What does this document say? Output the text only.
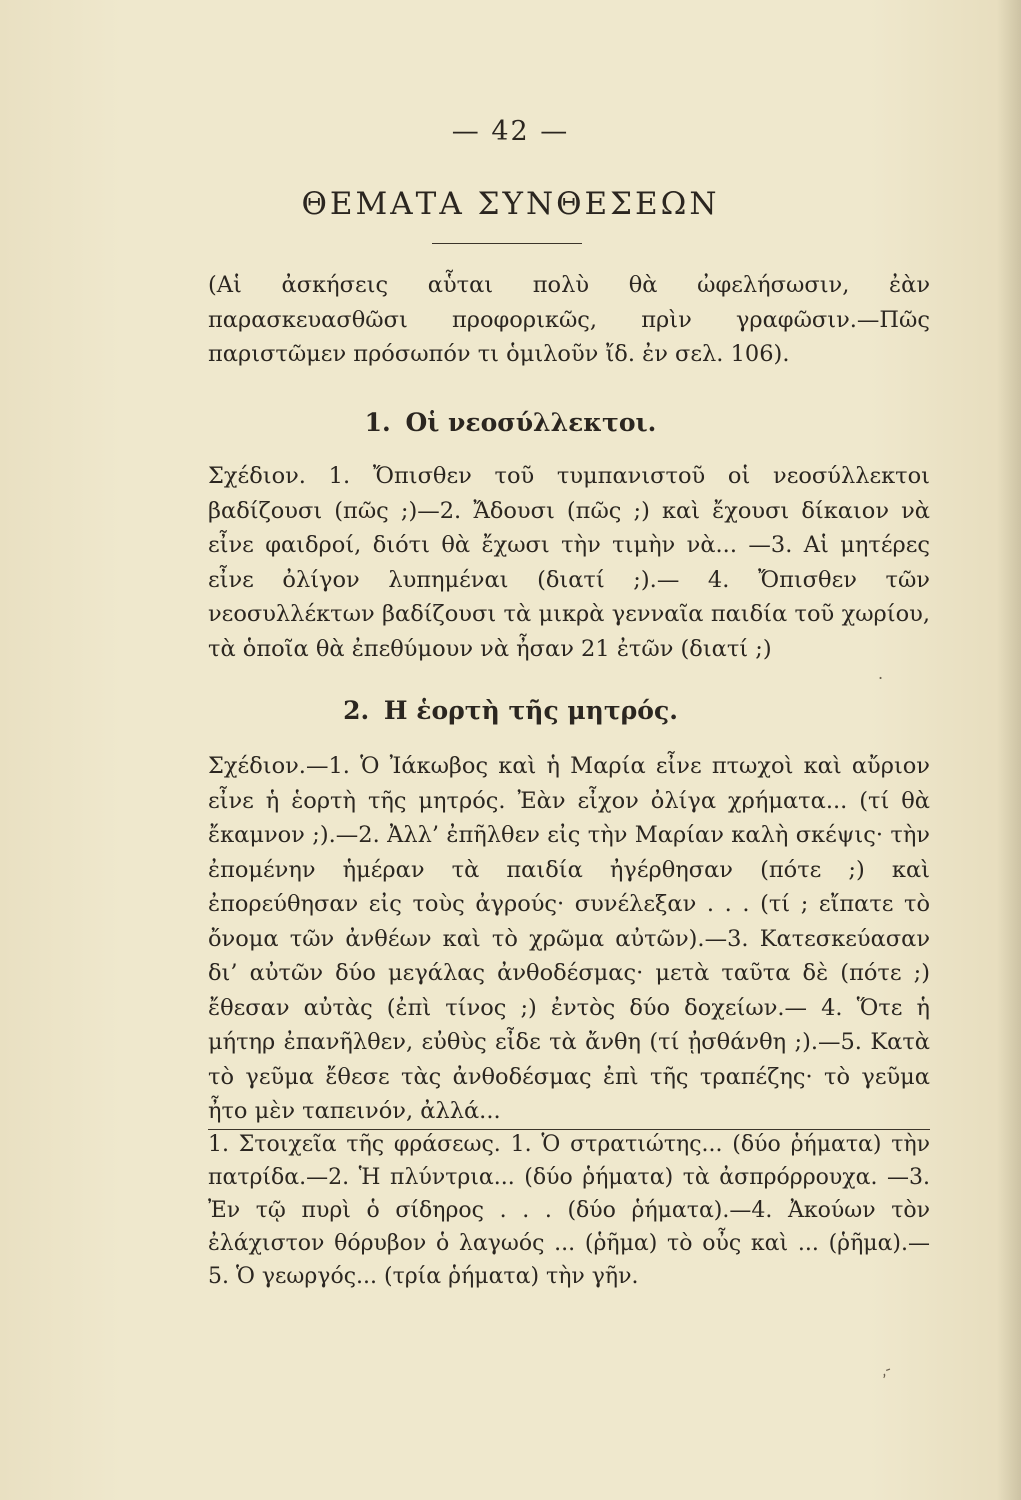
— 42 —
ΘΕΜΑΤΑ ΣΥΝΘΕΣΕΩΝ
(Αἱ ἀσκήσεις αὗται πολὺ θὰ ὠφελήσωσιν, ἐὰν παρασκευασθῶσι προφορικῶς, πρὶν γραφῶσιν.—Πῶς παριστῶμεν πρόσωπόν τι ὁμιλοῦν ἴδ. ἐν σελ. 106).
1. Οἱ νεοσύλλεκτοι.
Σχέδιον. 1. Ὄπισθεν τοῦ τυμπανιστοῦ οἱ νεοσύλλεκτοι βαδίζουσι (πῶς ;)—2. Ἄδουσι (πῶς ;) καὶ ἔχουσι δίκαιον νὰ εἶνε φαιδροί, διότι θὰ ἔχωσι τὴν τιμὴν νὰ... —3. Αἱ μητέρες εἶνε ὀλίγον λυπημέναι (διατί ;).— 4. Ὄπισθεν τῶν νεοσυλλέκτων βαδίζουσι τὰ μικρὰ γενναῖα παιδία τοῦ χωρίου, τὰ ὁποῖα θὰ ἐπεθύμουν νὰ ἦσαν 21 ἐτῶν (διατί ;)
2. Η ἑορτὴ τῆς μητρός.
Σχέδιον.—1. Ὁ Ἰάκωβος καὶ ἡ Μαρία εἶνε πτωχοὶ καὶ αὔριον εἶνε ἡ ἑορτὴ τῆς μητρός. Ἐὰν εἶχον ὀλίγα χρήματα... (τί θὰ ἔκαμνον ;).—2. Ἀλλ’ ἐπῆλθεν εἰς τὴν Μαρίαν καλὴ σκέψις· τὴν ἐπομένην ἡμέραν τὰ παιδία ἠγέρθησαν (πότε ;) καὶ ἐπορεύθησαν εἰς τοὺς ἀγρούς· συνέλεξαν . . . (τί ; εἴπατε τὸ ὄνομα τῶν ἀνθέων καὶ τὸ χρῶμα αὐτῶν).—3. Κατεσκεύασαν δι’ αὐτῶν δύο μεγάλας ἀνθοδέσμας· μετὰ ταῦτα δὲ (πότε ;) ἔθεσαν αὐτὰς (ἐπὶ τίνος ;) ἐντὸς δύο δοχείων.— 4. Ὅτε ἡ μήτηρ ἐπανῆλθεν, εὐθὺς εἶδε τὰ ἄνθη (τί ᾐσθάνθη ;).—5. Κατὰ τὸ γεῦμα ἔθεσε τὰς ἀνθοδέσμας ἐπὶ τῆς τραπέζης· τὸ γεῦμα ἦτο μὲν ταπεινόν, ἀλλά...
1. Στοιχεῖα τῆς φράσεως. 1. Ὁ στρατιώτης... (δύο ῥήματα) τὴν πατρίδα.—2. Ἡ πλύντρια... (δύο ῥήματα) τὰ ἀσπρόρρουχα. —3. Ἐν τῷ πυρὶ ὁ σίδηρος . . . (δύο ῥήματα).—4. Ἀκούων τὸν ἐλάχιστον θόρυβον ὁ λαγωός ... (ῥῆμα) τὸ οὖς καὶ ... (ῥῆμα).— 5. Ὁ γεωργός... (τρία ῥήματα) τὴν γῆν.
.
,-
